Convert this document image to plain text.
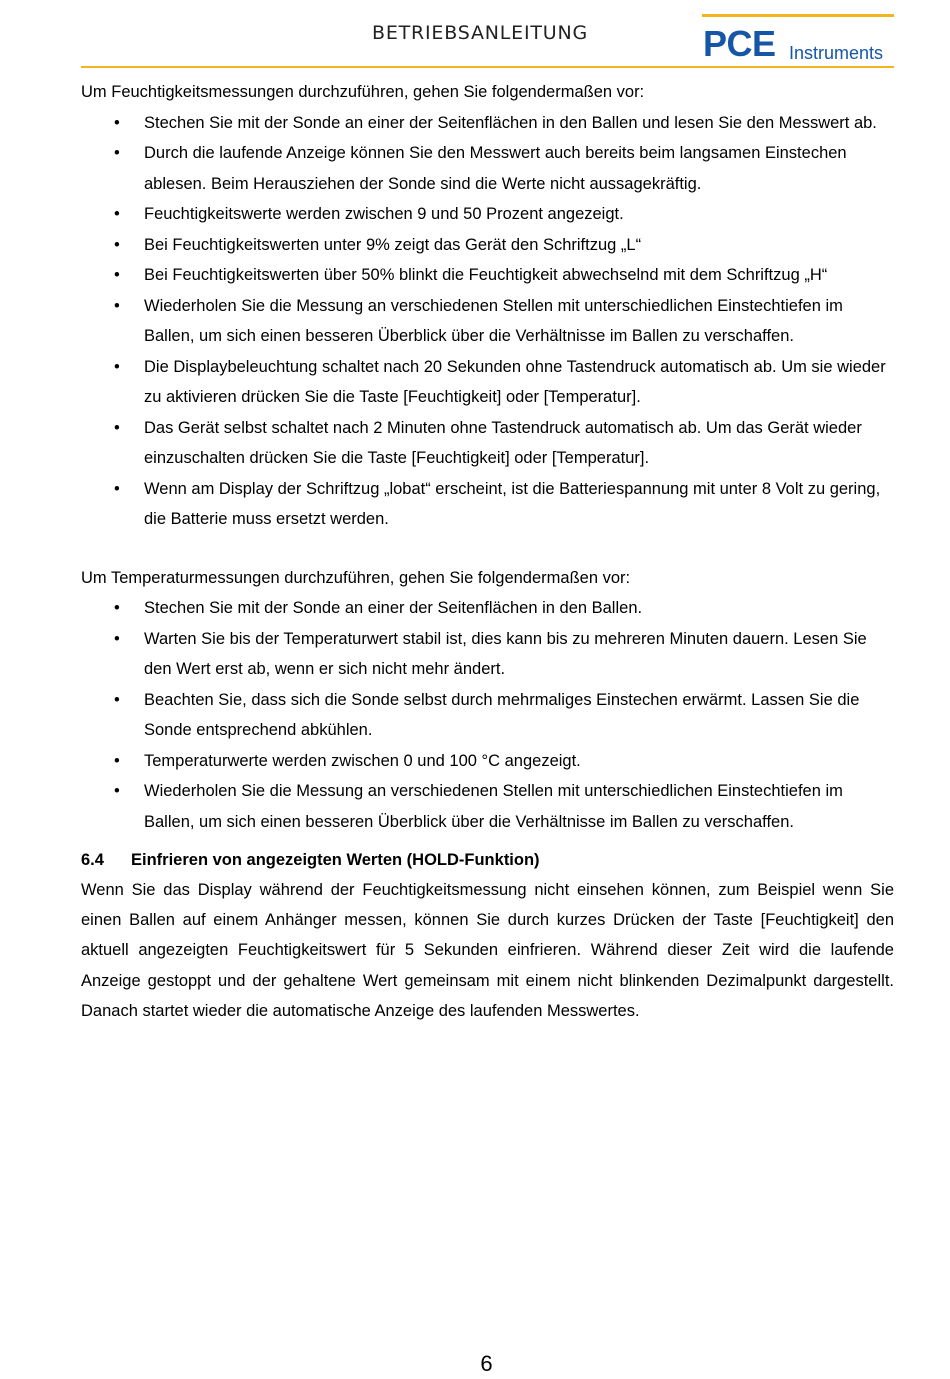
BETRIEBSANLEITUNG	PCE Instruments

Um Feuchtigkeitsmessungen durchzuführen, gehen Sie folgendermaßen vor:

• Stechen Sie mit der Sonde an einer der Seitenflächen in den Ballen und lesen Sie den Messwert ab.
• Durch die laufende Anzeige können Sie den Messwert auch bereits beim langsamen Einstechen ablesen. Beim Herausziehen der Sonde sind die Werte nicht aussagekräftig.
• Feuchtigkeitswerte werden zwischen 9 und 50 Prozent angezeigt.
• Bei Feuchtigkeitswerten unter 9% zeigt das Gerät den Schriftzug „L“
• Bei Feuchtigkeitswerten über 50% blinkt die Feuchtigkeit abwechselnd mit dem Schriftzug „H“
• Wiederholen Sie die Messung an verschiedenen Stellen mit unterschiedlichen Einstechtiefen im Ballen, um sich einen besseren Überblick über die Verhältnisse im Ballen zu verschaffen.
• Die Displaybeleuchtung schaltet nach 20 Sekunden ohne Tastendruck automatisch ab. Um sie wieder zu aktivieren drücken Sie die Taste [Feuchtigkeit] oder [Temperatur].
• Das Gerät selbst schaltet nach 2 Minuten ohne Tastendruck automatisch ab. Um das Gerät wieder einzuschalten drücken Sie die Taste [Feuchtigkeit] oder [Temperatur].
• Wenn am Display der Schriftzug „lobat“ erscheint, ist die Batteriespannung mit unter 8 Volt zu gering, die Batterie muss ersetzt werden.

Um Temperaturmessungen durchzuführen, gehen Sie folgendermaßen vor:

• Stechen Sie mit der Sonde an einer der Seitenflächen in den Ballen.
• Warten Sie bis der Temperaturwert stabil ist, dies kann bis zu mehreren Minuten dauern. Lesen Sie den Wert erst ab, wenn er sich nicht mehr ändert.
• Beachten Sie, dass sich die Sonde selbst durch mehrmaliges Einstechen erwärmt. Lassen Sie die Sonde entsprechend abkühlen.
• Temperaturwerte werden zwischen 0 und 100 °C angezeigt.
• Wiederholen Sie die Messung an verschiedenen Stellen mit unterschiedlichen Einstechtiefen im Ballen, um sich einen besseren Überblick über die Verhältnisse im Ballen zu verschaffen.
6.4 Einfrieren von angezeigten Werten (HOLD-Funktion)

Wenn Sie das Display während der Feuchtigkeitsmessung nicht einsehen können, zum Beispiel wenn Sie einen Ballen auf einem Anhänger messen, können Sie durch kurzes Drücken der Taste [Feuchtigkeit] den aktuell angezeigten Feuchtigkeitswert für 5 Sekunden einfrieren. Während dieser Zeit wird die laufende Anzeige gestoppt und der gehaltene Wert gemeinsam mit einem nicht blinkenden Dezimalpunkt dargestellt. Danach startet wieder die automatische Anzeige des laufenden Messwertes.

6
